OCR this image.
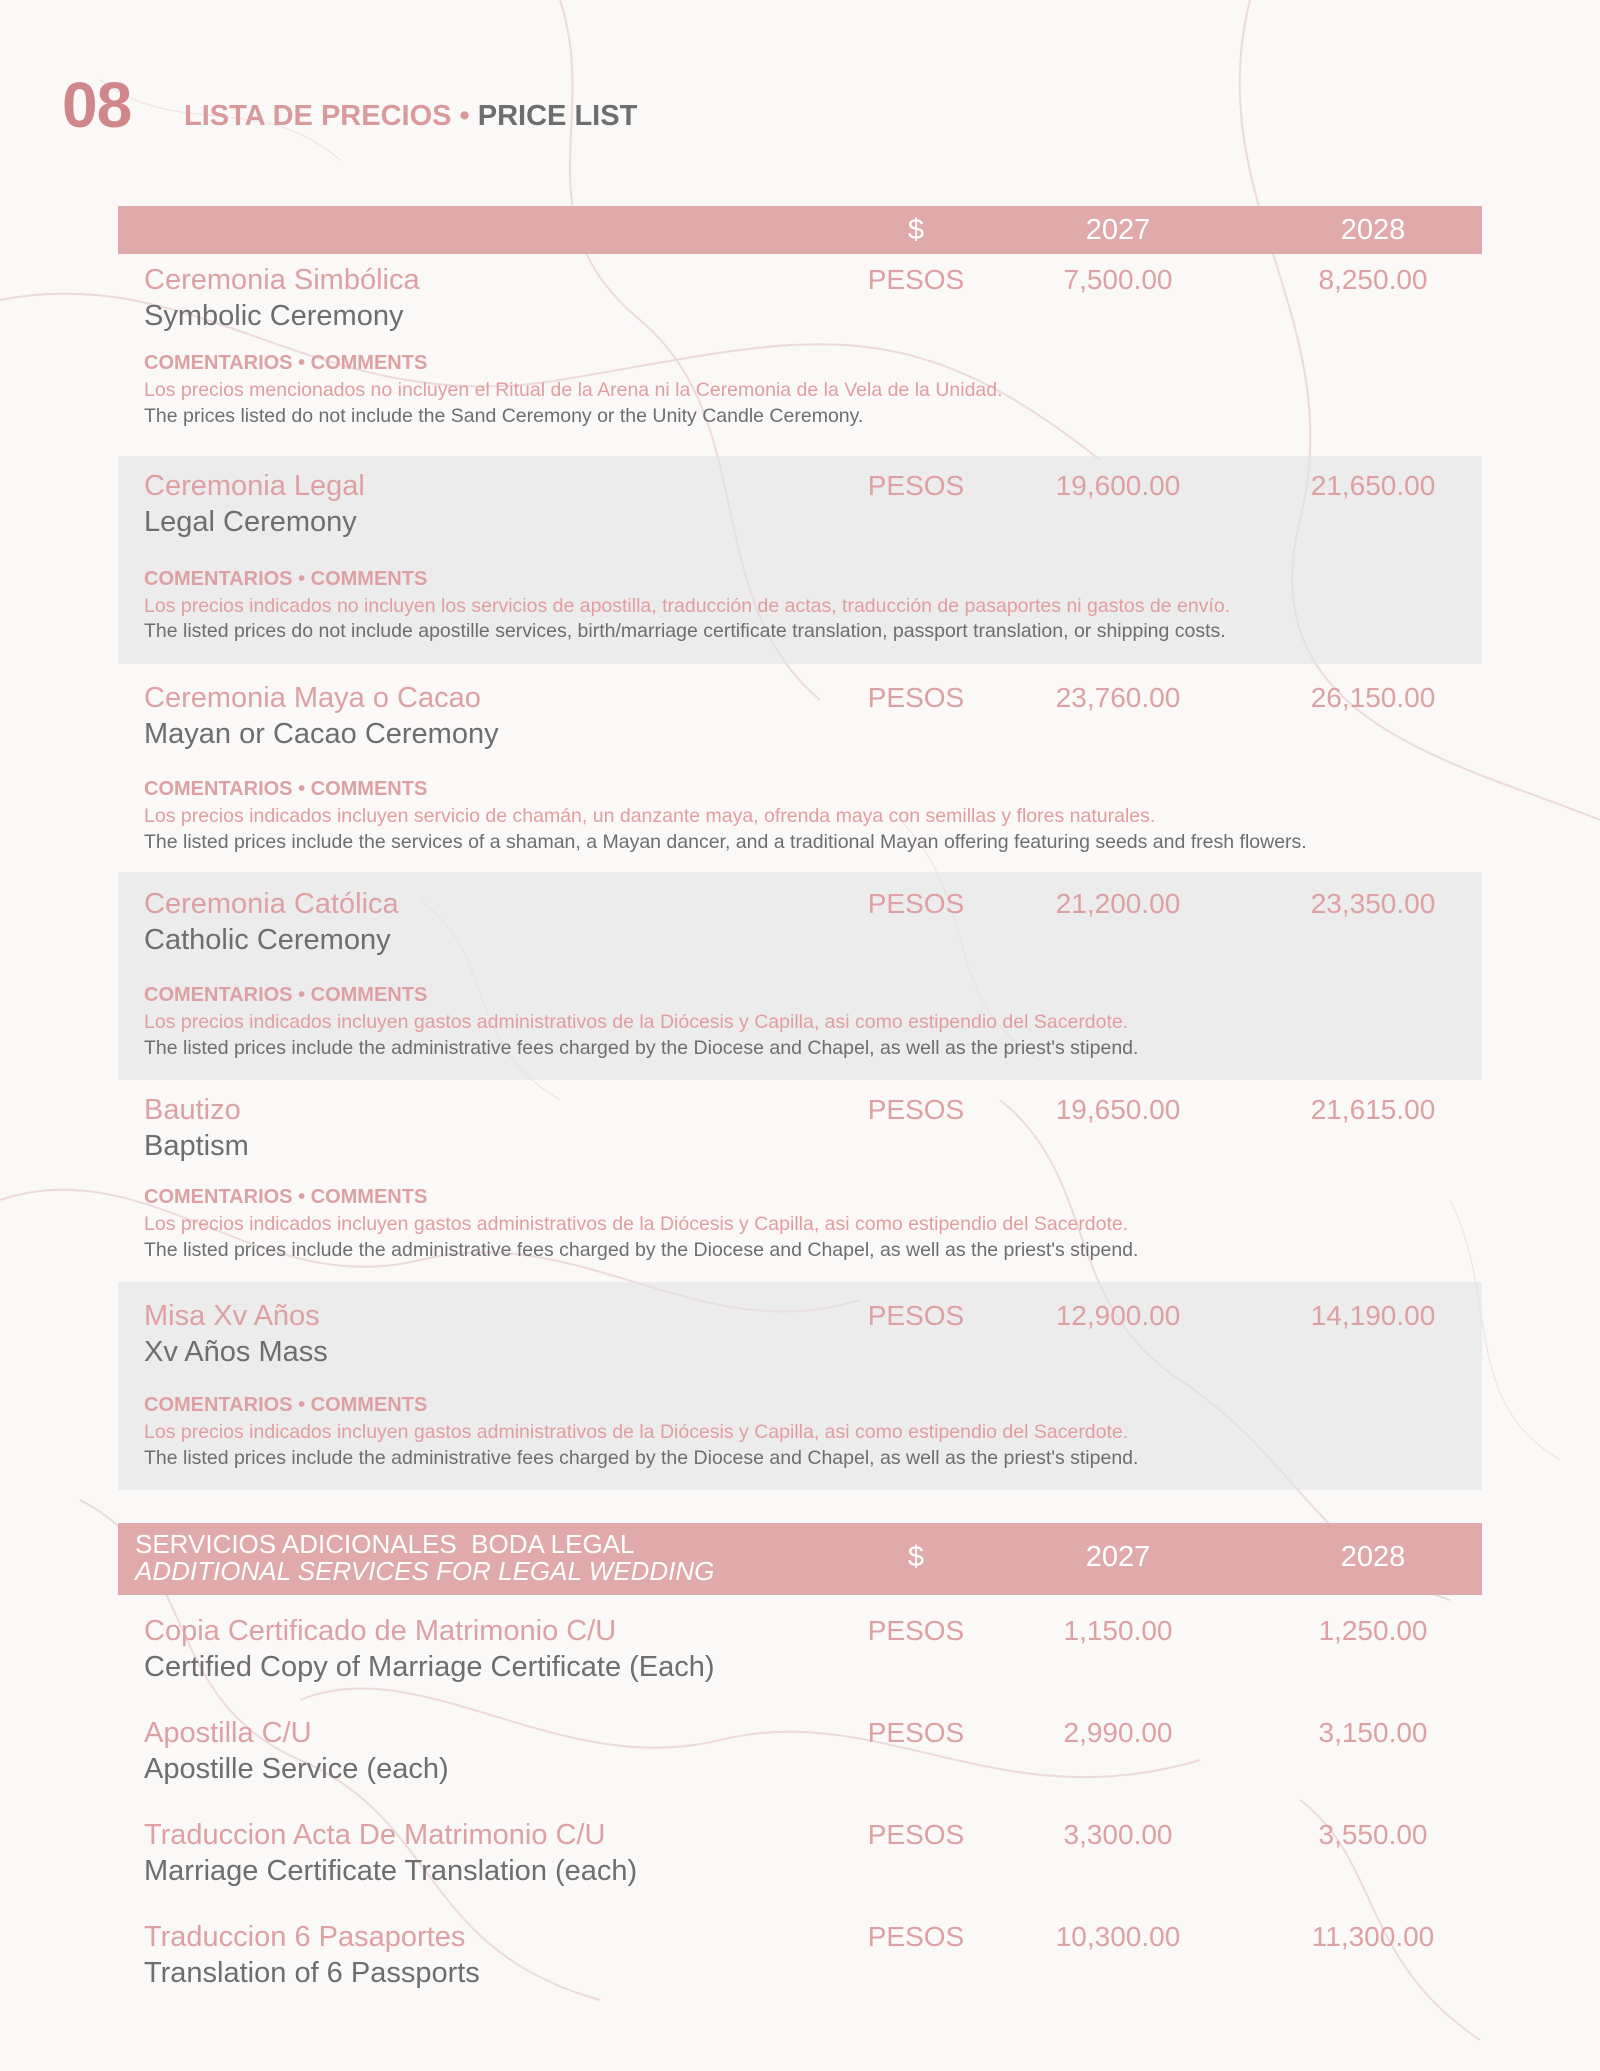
08 LISTA DE PRECIOS • PRICE LIST
$	2027	2028
Ceremonia Simbólica
Symbolic Ceremony
PESOS	7,500.00	8,250.00
COMENTARIOS • COMMENTS
Los precios mencionados no incluyen el Ritual de la Arena ni la Ceremonia de la Vela de la Unidad.
The prices listed do not include the Sand Ceremony or the Unity Candle Ceremony.
Ceremonia Legal
Legal Ceremony
PESOS	19,600.00	21,650.00
COMENTARIOS • COMMENTS
Los precios indicados no incluyen los servicios de apostilla, traducción de actas, traducción de pasaportes ni gastos de envío.
The listed prices do not include apostille services, birth/marriage certificate translation, passport translation, or shipping costs.
Ceremonia Maya o Cacao
Mayan or Cacao Ceremony
PESOS	23,760.00	26,150.00
COMENTARIOS • COMMENTS
Los precios indicados incluyen servicio de chamán, un danzante maya, ofrenda maya con semillas y flores naturales.
The listed prices include the services of a shaman, a Mayan dancer, and a traditional Mayan offering featuring seeds and fresh flowers.
Ceremonia Católica
Catholic Ceremony
PESOS	21,200.00	23,350.00
COMENTARIOS • COMMENTS
Los precios indicados incluyen gastos administrativos de la Diócesis y Capilla, asi como estipendio del Sacerdote.
The listed prices include the administrative fees charged by the Diocese and Chapel, as well as the priest's stipend.
Bautizo
Baptism
PESOS	19,650.00	21,615.00
COMENTARIOS • COMMENTS
Los precios indicados incluyen gastos administrativos de la Diócesis y Capilla, asi como estipendio del Sacerdote.
The listed prices include the administrative fees charged by the Diocese and Chapel, as well as the priest's stipend.
Misa Xv Años
Xv Años Mass
PESOS	12,900.00	14,190.00
COMENTARIOS • COMMENTS
Los precios indicados incluyen gastos administrativos de la Diócesis y Capilla, asi como estipendio del Sacerdote.
The listed prices include the administrative fees charged by the Diocese and Chapel, as well as the priest's stipend.
SERVICIOS ADICIONALES  BODA LEGAL
ADDITIONAL SERVICES FOR LEGAL WEDDING	$	2027	2028
Copia Certificado de Matrimonio C/U
Certified Copy of Marriage Certificate (Each)
PESOS	1,150.00	1,250.00
Apostilla C/U
Apostille Service (each)
PESOS	2,990.00	3,150.00
Traduccion Acta De Matrimonio C/U
Marriage Certificate Translation (each)
PESOS	3,300.00	3,550.00
Traduccion 6 Pasaportes
Translation of 6 Passports
PESOS	10,300.00	11,300.00
